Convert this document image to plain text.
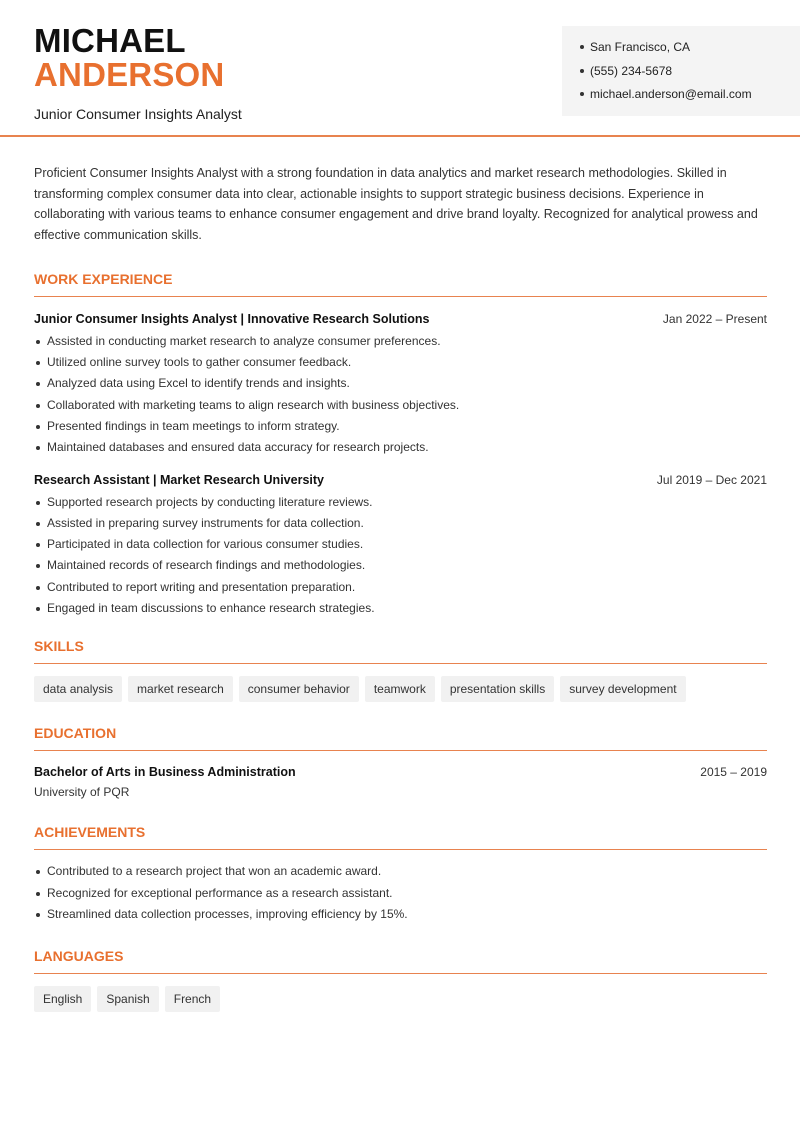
MICHAEL
ANDERSON
Junior Consumer Insights Analyst
San Francisco, CA
(555) 234-5678
michael.anderson@email.com

Proficient Consumer Insights Analyst with a strong foundation in data analytics and market research methodologies. Skilled in transforming complex consumer data into clear, actionable insights to support strategic business decisions. Experience in collaborating with various teams to enhance consumer engagement and drive brand loyalty. Recognized for analytical prowess and effective communication skills.

WORK EXPERIENCE
Junior Consumer Insights Analyst | Innovative Research Solutions	Jan 2022 – Present
Assisted in conducting market research to analyze consumer preferences.
Utilized online survey tools to gather consumer feedback.
Analyzed data using Excel to identify trends and insights.
Collaborated with marketing teams to align research with business objectives.
Presented findings in team meetings to inform strategy.
Maintained databases and ensured data accuracy for research projects.
Research Assistant | Market Research University	Jul 2019 – Dec 2021
Supported research projects by conducting literature reviews.
Assisted in preparing survey instruments for data collection.
Participated in data collection for various consumer studies.
Maintained records of research findings and methodologies.
Contributed to report writing and presentation preparation.
Engaged in team discussions to enhance research strategies.
SKILLS
data analysis	market research	consumer behavior	teamwork	presentation skills	survey development
EDUCATION
Bachelor of Arts in Business Administration	2015 – 2019
University of PQR
ACHIEVEMENTS
Contributed to a research project that won an academic award.
Recognized for exceptional performance as a research assistant.
Streamlined data collection processes, improving efficiency by 15%.
LANGUAGES
English	Spanish	French
